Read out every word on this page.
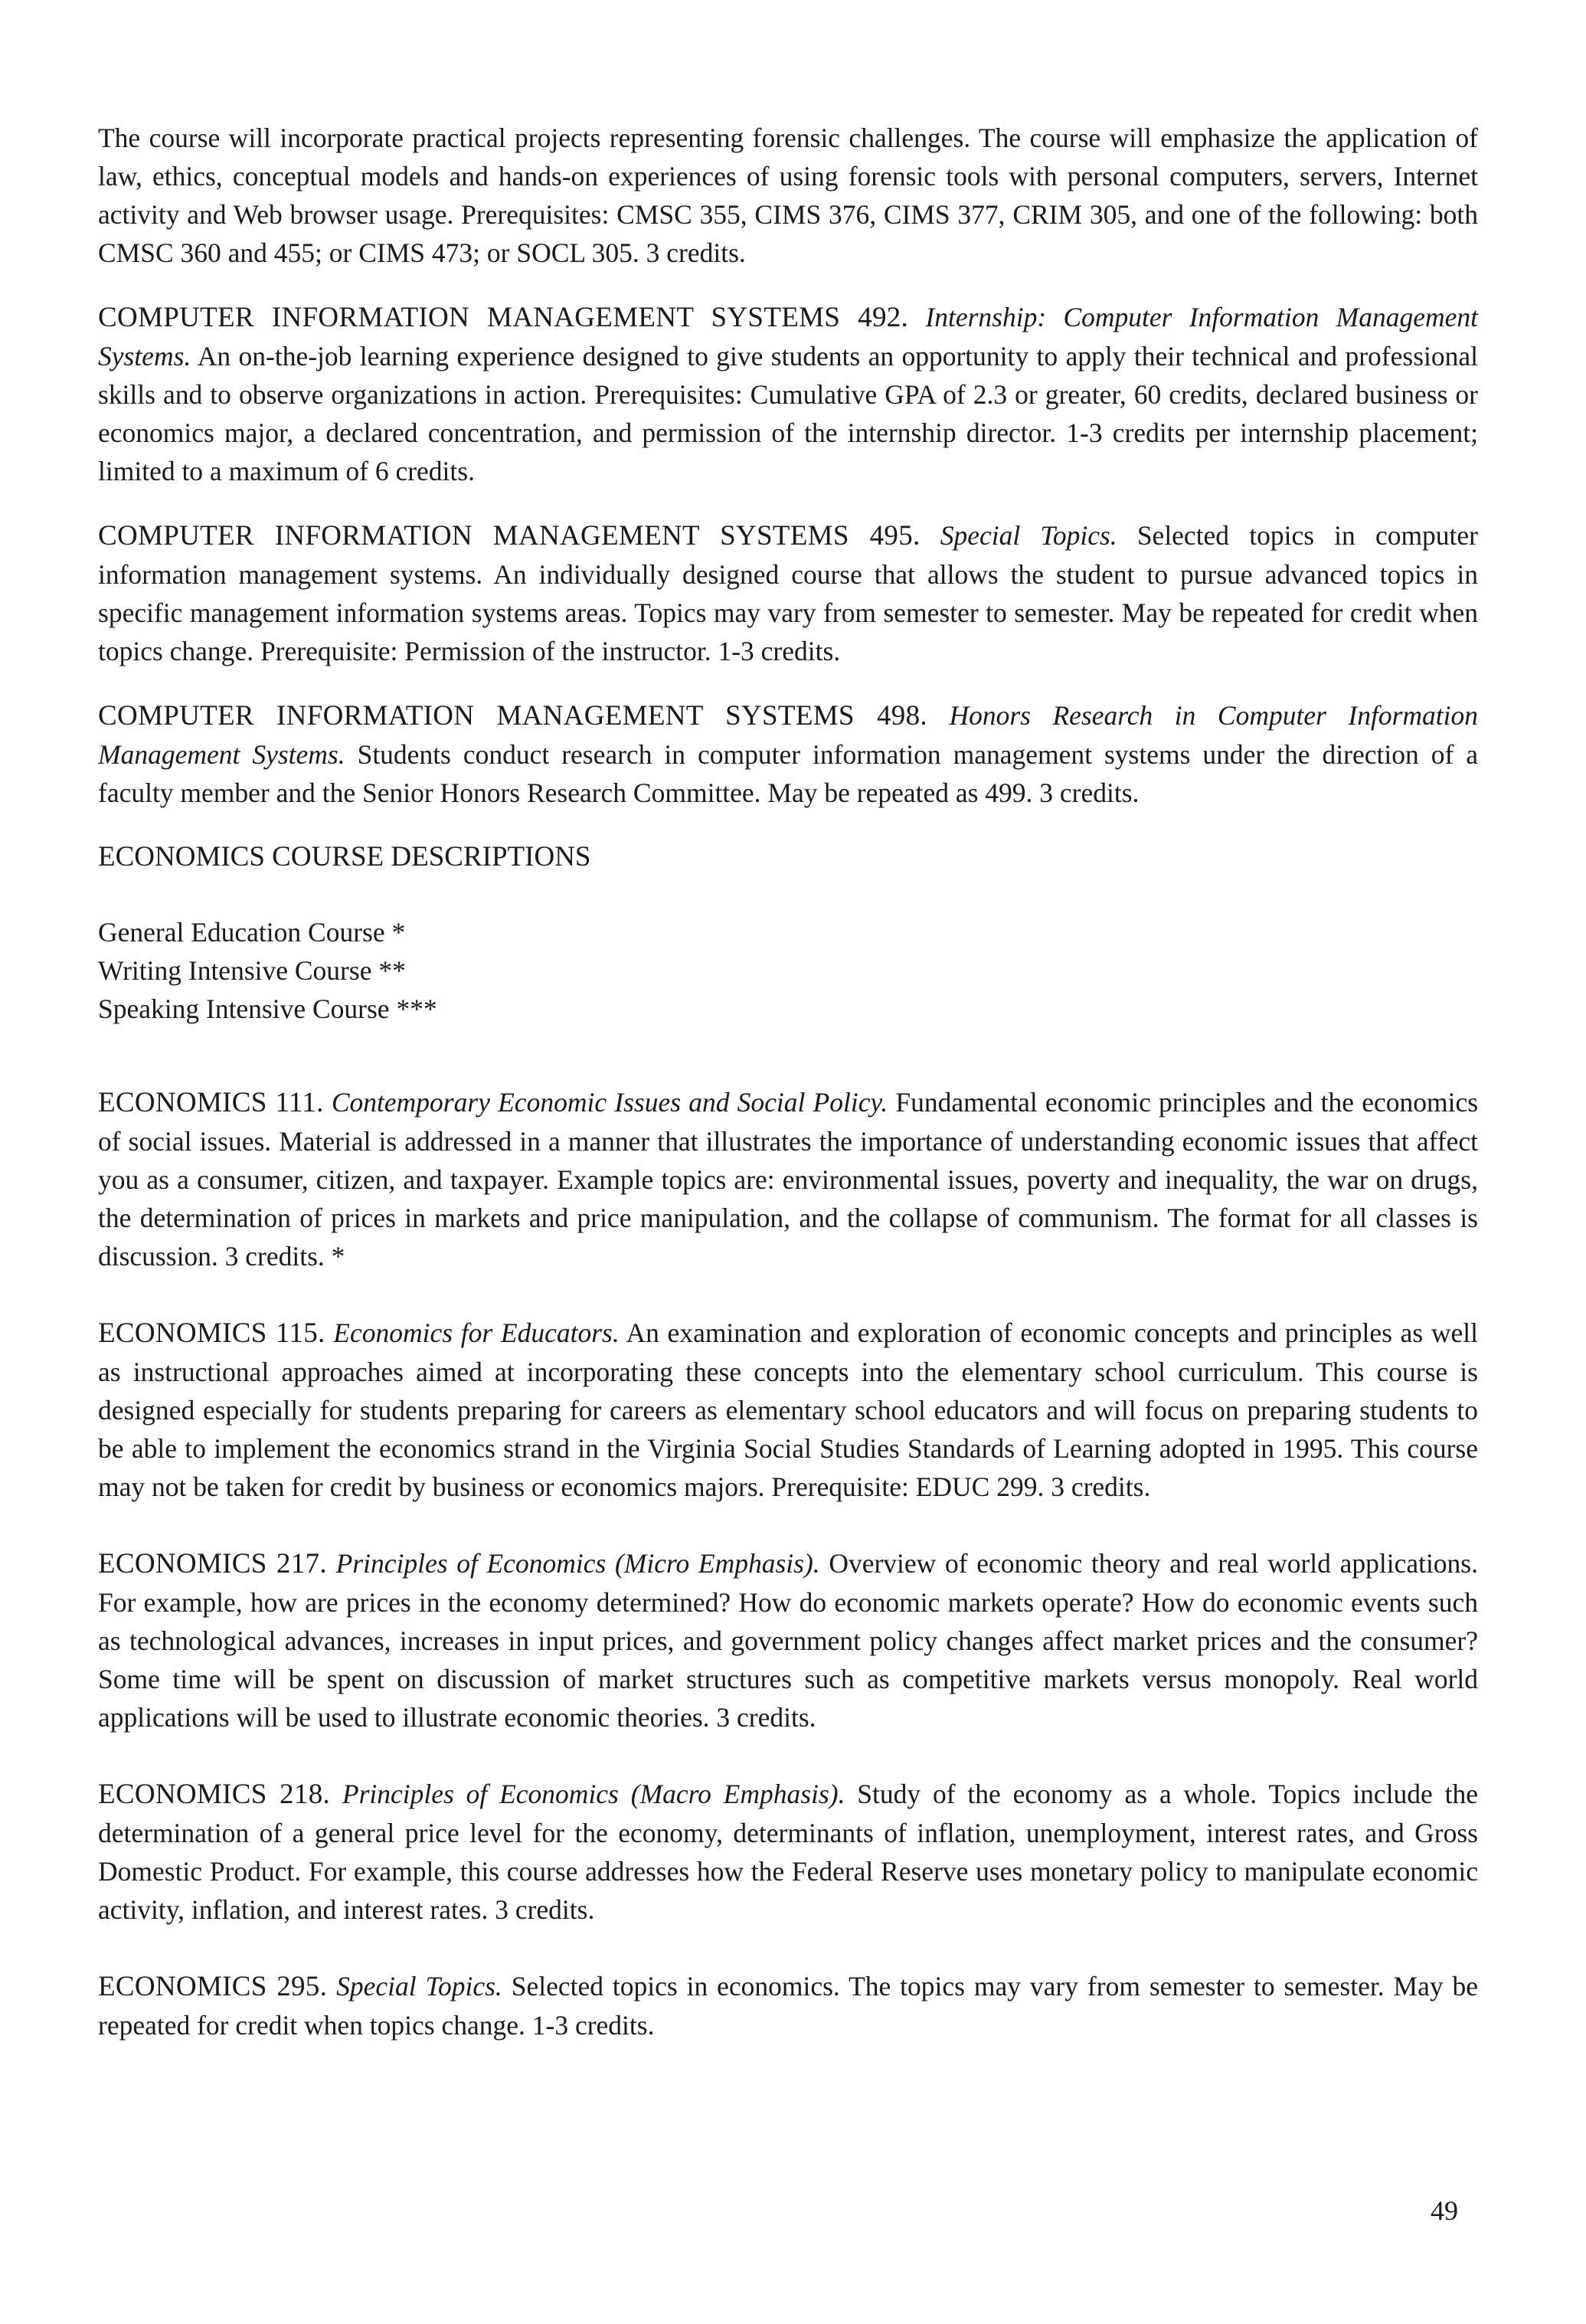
The course will incorporate practical projects representing forensic challenges. The course will emphasize the application of law, ethics, conceptual models and hands-on experiences of using forensic tools with personal computers, servers, Internet activity and Web browser usage. Prerequisites: CMSC 355, CIMS 376, CIMS 377, CRIM 305, and one of the following: both CMSC 360 and 455; or CIMS 473; or SOCL 305. 3 credits.

COMPUTER INFORMATION MANAGEMENT SYSTEMS 492. Internship: Computer Information Management Systems. An on-the-job learning experience designed to give students an opportunity to apply their technical and professional skills and to observe organizations in action. Prerequisites: Cumulative GPA of 2.3 or greater, 60 credits, declared business or economics major, a declared concentration, and permission of the internship director. 1-3 credits per internship placement; limited to a maximum of 6 credits.

COMPUTER INFORMATION MANAGEMENT SYSTEMS 495. Special Topics. Selected topics in computer information management systems. An individually designed course that allows the student to pursue advanced topics in specific management information systems areas. Topics may vary from semester to semester. May be repeated for credit when topics change. Prerequisite: Permission of the instructor. 1-3 credits.

COMPUTER INFORMATION MANAGEMENT SYSTEMS 498. Honors Research in Computer Information Management Systems. Students conduct research in computer information management systems under the direction of a faculty member and the Senior Honors Research Committee. May be repeated as 499. 3 credits.

ECONOMICS COURSE DESCRIPTIONS
General Education Course *
Writing Intensive Course **
Speaking Intensive Course ***

ECONOMICS 111. Contemporary Economic Issues and Social Policy. Fundamental economic principles and the economics of social issues. Material is addressed in a manner that illustrates the importance of understanding economic issues that affect you as a consumer, citizen, and taxpayer. Example topics are: environmental issues, poverty and inequality, the war on drugs, the determination of prices in markets and price manipulation, and the collapse of communism. The format for all classes is discussion. 3 credits. *

ECONOMICS 115. Economics for Educators. An examination and exploration of economic concepts and principles as well as instructional approaches aimed at incorporating these concepts into the elementary school curriculum. This course is designed especially for students preparing for careers as elementary school educators and will focus on preparing students to be able to implement the economics strand in the Virginia Social Studies Standards of Learning adopted in 1995. This course may not be taken for credit by business or economics majors. Prerequisite: EDUC 299. 3 credits.

ECONOMICS 217. Principles of Economics (Micro Emphasis). Overview of economic theory and real world applications. For example, how are prices in the economy determined? How do economic markets operate? How do economic events such as technological advances, increases in input prices, and government policy changes affect market prices and the consumer? Some time will be spent on discussion of market structures such as competitive markets versus monopoly. Real world applications will be used to illustrate economic theories. 3 credits.

ECONOMICS 218. Principles of Economics (Macro Emphasis). Study of the economy as a whole. Topics include the determination of a general price level for the economy, determinants of inflation, unemployment, interest rates, and Gross Domestic Product. For example, this course addresses how the Federal Reserve uses monetary policy to manipulate economic activity, inflation, and interest rates. 3 credits.

ECONOMICS 295. Special Topics. Selected topics in economics. The topics may vary from semester to semester. May be repeated for credit when topics change. 1-3 credits.

49
